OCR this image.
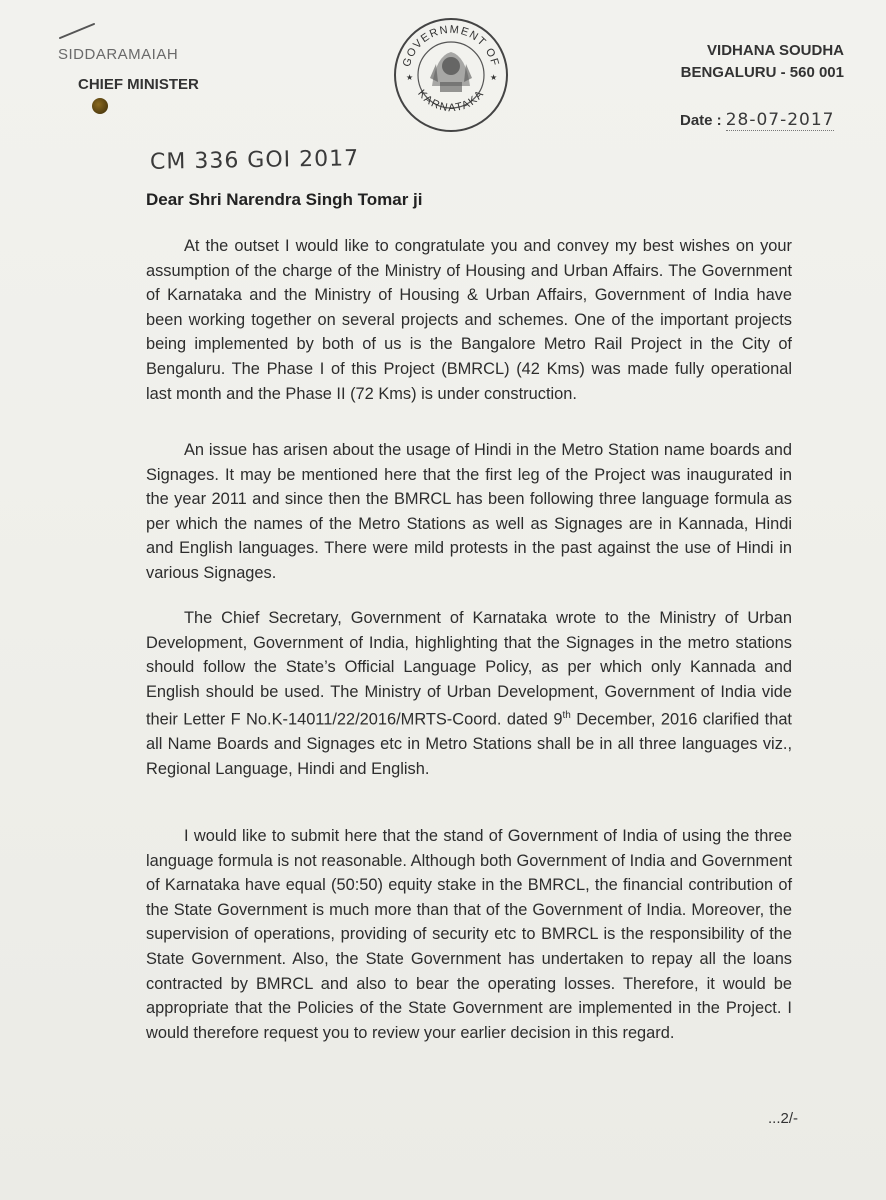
SIDDARAMAIAH
CHIEF MINISTER
GOVERNMENT OF
KARNATAKA
★	★
VIDHANA SOUDHA
BENGALURU - 560 001
Date : 28-07-2017
CM 336 GOI 2017
Dear Shri Narendra Singh Tomar ji

At the outset I would like to congratulate you and convey my best wishes on your assumption of the charge of the Ministry of Housing and Urban Affairs. The Government of Karnataka and the Ministry of Housing & Urban Affairs, Government of India have been working together on several projects and schemes. One of the important projects being implemented by both of us is the Bangalore Metro Rail Project in the City of Bengaluru. The Phase I of this Project (BMRCL) (42 Kms) was made fully operational last month and the Phase II (72 Kms) is under construction.

An issue has arisen about the usage of Hindi in the Metro Station name boards and Signages. It may be mentioned here that the first leg of the Project was inaugurated in the year 2011 and since then the BMRCL has been following three language formula as per which the names of the Metro Stations as well as Signages are in Kannada, Hindi and English languages. There were mild protests in the past against the use of Hindi in various Signages.

The Chief Secretary, Government of Karnataka wrote to the Ministry of Urban Development, Government of India, highlighting that the Signages in the metro stations should follow the State’s Official Language Policy, as per which only Kannada and English should be used. The Ministry of Urban Development, Government of India vide their Letter F No.K-14011/22/2016/MRTS-Coord. dated 9th December, 2016 clarified that all Name Boards and Signages etc in Metro Stations shall be in all three languages viz., Regional Language, Hindi and English.

I would like to submit here that the stand of Government of India of using the three language formula is not reasonable. Although both Government of India and Government of Karnataka have equal (50:50) equity stake in the BMRCL, the financial contribution of the State Government is much more than that of the Government of India. Moreover, the supervision of operations, providing of security etc to BMRCL is the responsibility of the State Government. Also, the State Government has undertaken to repay all the loans contracted by BMRCL and also to bear the operating losses. Therefore, it would be appropriate that the Policies of the State Government are implemented in the Project. I would therefore request you to review your earlier decision in this regard.

...2/-
